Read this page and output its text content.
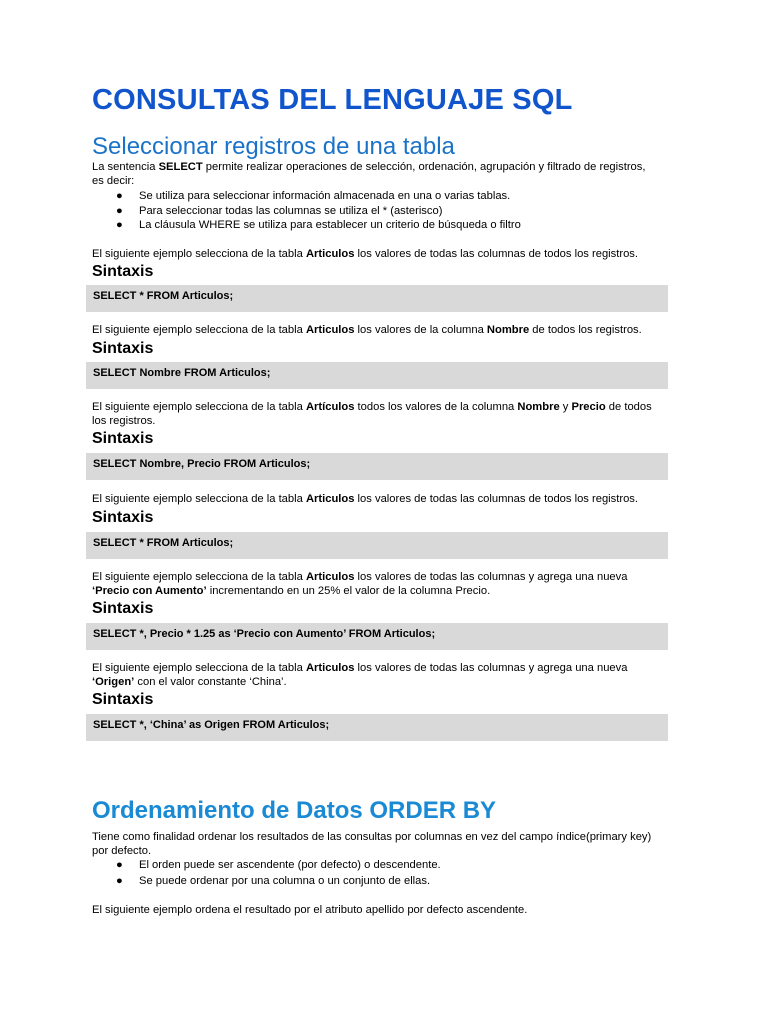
CONSULTAS DEL LENGUAJE SQL
Seleccionar registros de una tabla

La sentencia SELECT permite realizar operaciones de selección, ordenación, agrupación y filtrado de registros,
es decir:

● Se utiliza para seleccionar información almacenada en una o varias tablas.

● Para seleccionar todas las columnas se utiliza el * (asterisco)

● La cláusula WHERE se utiliza para establecer un criterio de búsqueda o filtro

El siguiente ejemplo selecciona de la tabla Articulos los valores de todas las columnas de todos los registros.

Sintaxis
SELECT * FROM Articulos;

El siguiente ejemplo selecciona de la tabla Articulos los valores de la columna Nombre de todos los registros.

Sintaxis
SELECT Nombre FROM Articulos;

El siguiente ejemplo selecciona de la tabla Artículos todos los valores de la columna Nombre y Precio de todos
los registros.

Sintaxis
SELECT Nombre, Precio FROM Articulos;

El siguiente ejemplo selecciona de la tabla Articulos los valores de todas las columnas de todos los registros.

Sintaxis
SELECT * FROM Articulos;

El siguiente ejemplo selecciona de la tabla Articulos los valores de todas las columnas y agrega una nueva
‘Precio con Aumento’ incrementando en un 25% el valor de la columna Precio.

Sintaxis
SELECT *, Precio * 1.25 as ‘Precio con Aumento’ FROM Articulos;

El siguiente ejemplo selecciona de la tabla Articulos los valores de todas las columnas y agrega una nueva
‘Origen’ con el valor constante ‘China’.

Sintaxis
SELECT *, ‘China’ as Origen FROM Articulos;
Ordenamiento de Datos ORDER BY

Tiene como finalidad ordenar los resultados de las consultas por columnas en vez del campo índice(primary key)
por defecto.

● El orden puede ser ascendente (por defecto) o descendente.

● Se puede ordenar por una columna o un conjunto de ellas.

El siguiente ejemplo ordena el resultado por el atributo apellido por defecto ascendente.
